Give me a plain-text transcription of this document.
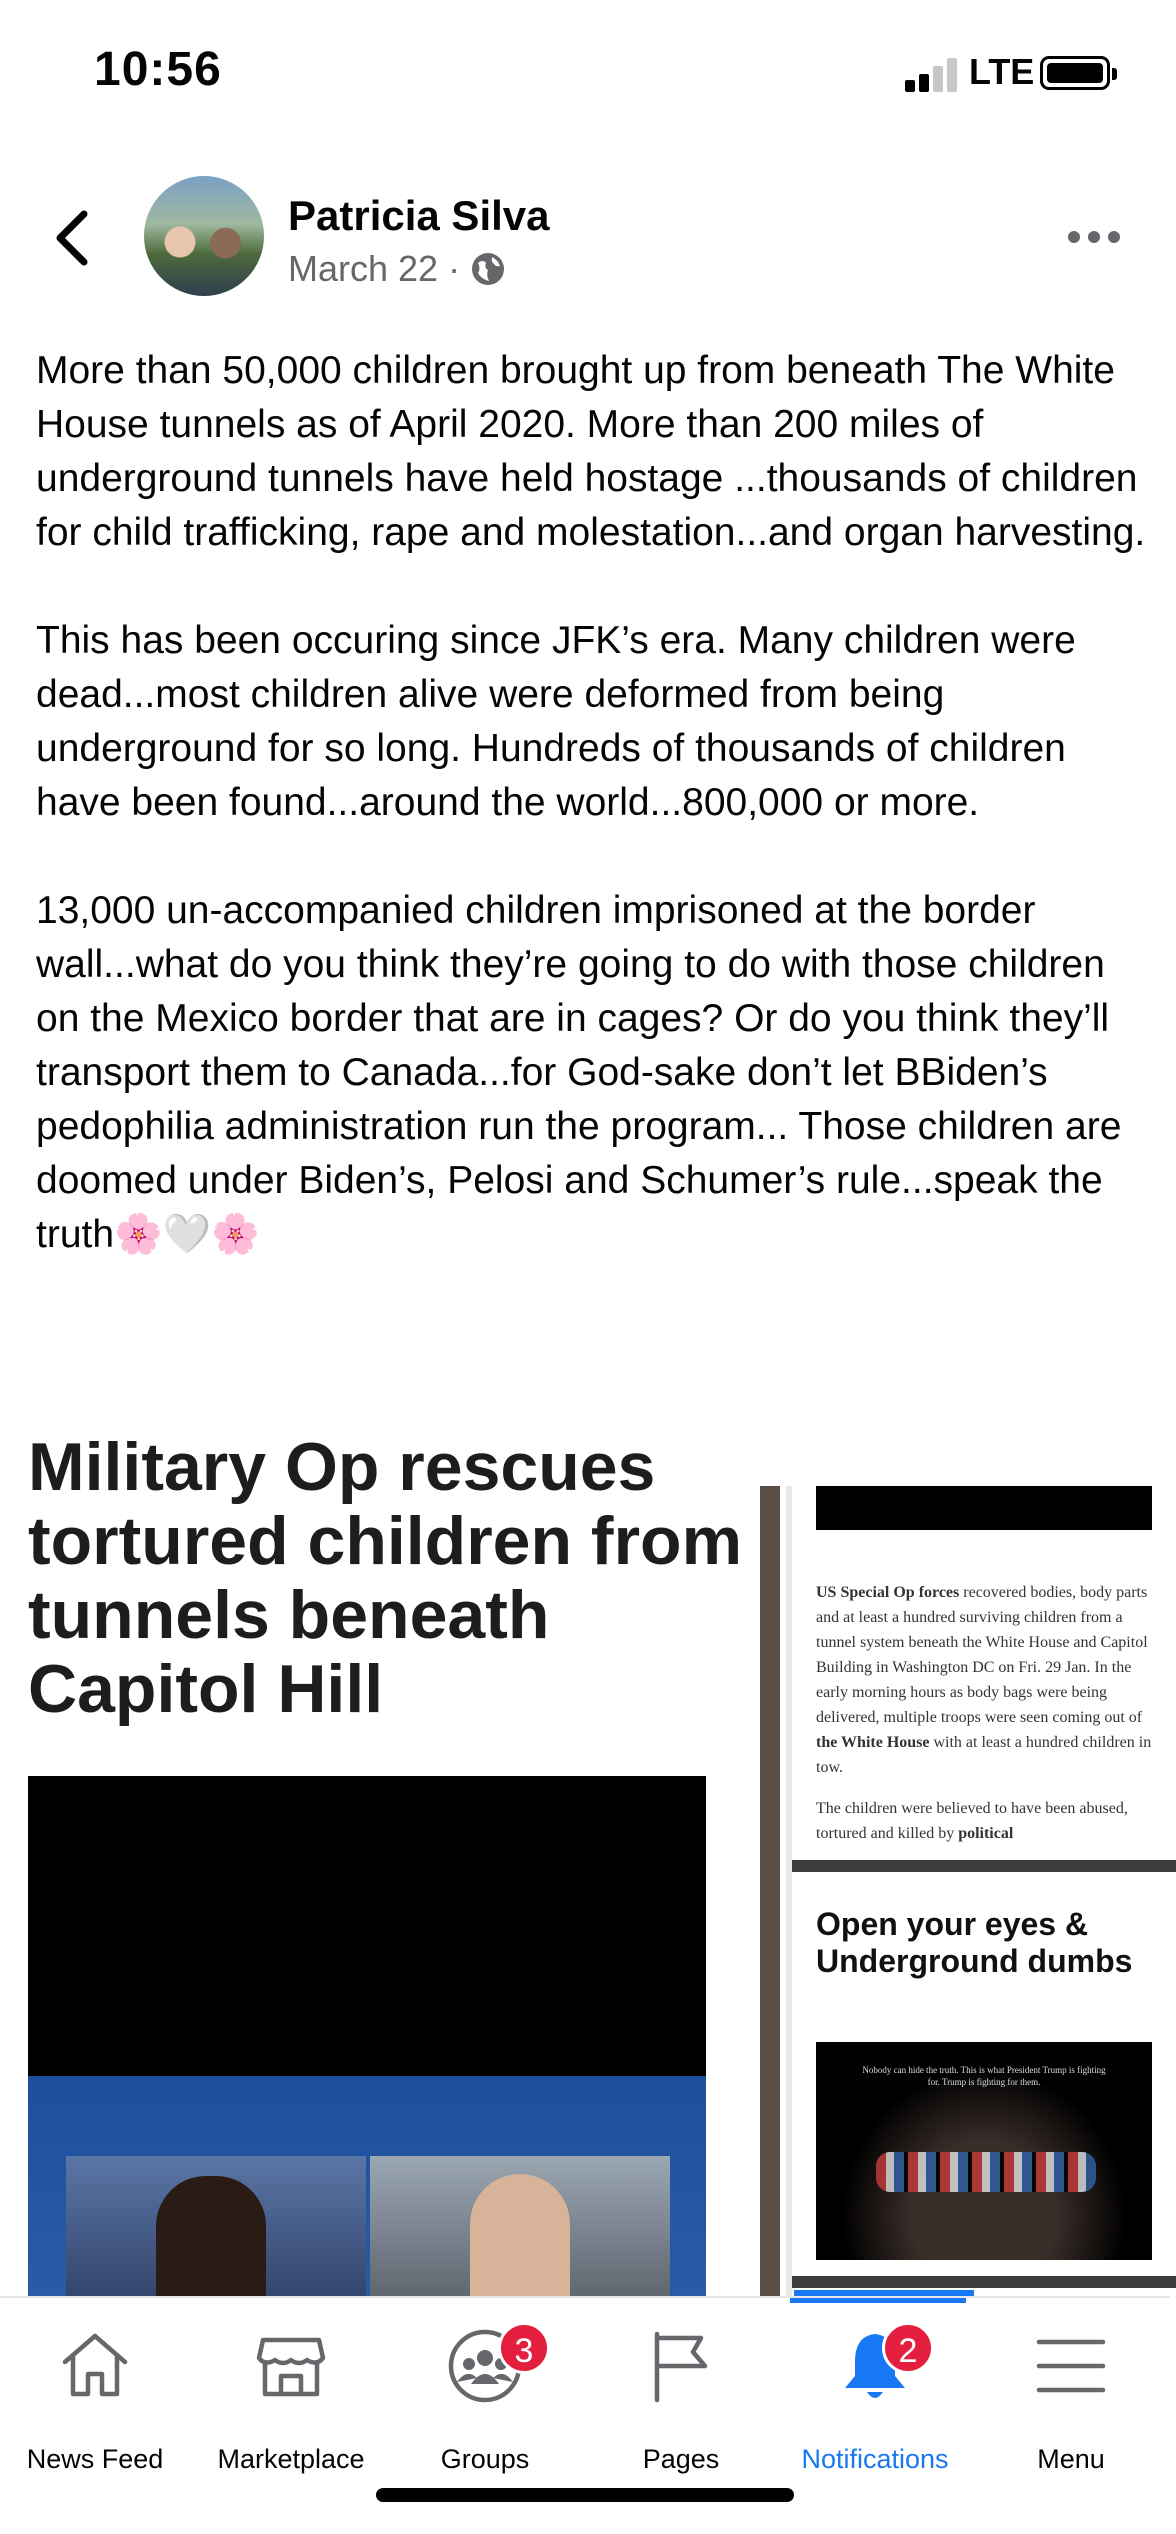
10:56	LTE
Patricia Silva
March 22 ·

More than 50,000 children brought up from beneath The White House tunnels as of April 2020. More than 200 miles of underground tunnels have held hostage ...thousands of children for child trafficking, rape and molestation...and organ harvesting.

This has been occuring since JFK’s era. Many children were dead...most children alive were deformed from being underground for so long. Hundreds of thousands of children have been found...around the world...800,000 or more.

13,000 un-accompanied children imprisoned at the border wall...what do you think they’re going to do with those children on the Mexico border that are in cages? Or do you think they’ll transport them to Canada...for God-sake don’t let BBiden’s pedophilia administration run the program... Those children are doomed under Biden’s, Pelosi and Schumer’s rule...speak the truth🌸🤍🌸

Military Op rescues tortured children from tunnels beneath Capitol Hill

US Special Op forces recovered bodies, body parts and at least a hundred surviving children from a tunnel system beneath the White House and Capitol Building in Washington DC on Fri. 29 Jan. In the early morning hours as body bags were being delivered, multiple troops were seen coming out of the White House with at least a hundred children in tow.

The children were believed to have been abused, tortured and killed by political

Open your eyes & Underground dumbs
Nobody can hide the truth. This is what President Trump is fighting for. Trump is fighting for them.
News Feed	Marketplace
3
Groups	Pages
2
Notifications	Menu
